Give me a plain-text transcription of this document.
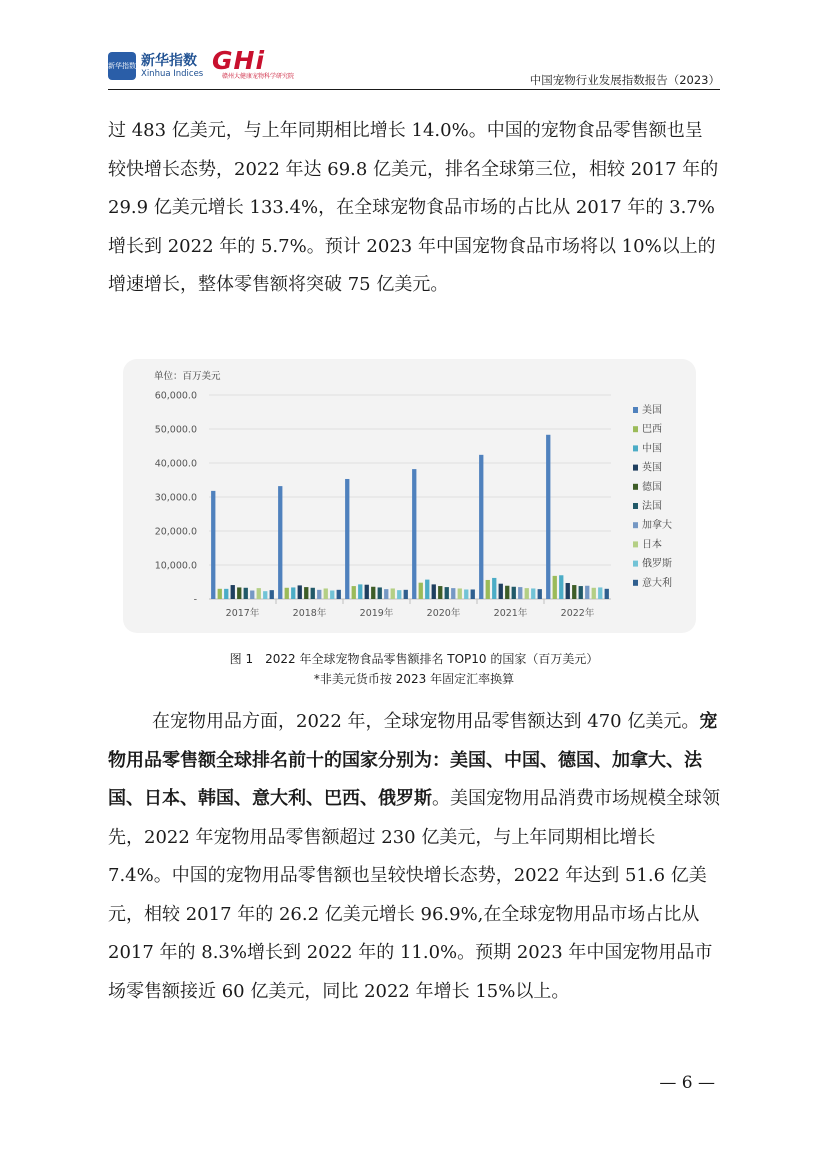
新华指数 新华指数
Xinhua Indices GHi
赣州大健康宠物科学研究院	中国宠物行业发展指数报告（2023）
过 483 亿美元，与上年同期相比增长 14.0%。中国的宠物食品零售额也呈较快增长态势，2022 年达 69.8 亿美元，排名全球第三位，相较 2017 年的 29.9 亿美元增长 133.4%，在全球宠物食品市场的占比从 2017 年的 3.7%增长到 2022 年的 5.7%。预计 2023 年中国宠物食品市场将以 10%以上的增速增长，整体零售额将突破 75 亿美元。
单位：百万美元
-
10,000.0
20,000.0
30,000.0
40,000.0
50,000.0
60,000.0
2017年	2018年	2019年	2020年	2021年	2022年
美国
巴西
中国
英国
德国
法国
加拿大
日本
俄罗斯
意大利
图 1　2022 年全球宠物食品零售额排名 TOP10 的国家（百万美元）
*非美元货币按 2023 年固定汇率换算
在宠物用品方面，2022 年，全球宠物用品零售额达到 470 亿美元。宠物用品零售额全球排名前十的国家分别为：美国、中国、德国、加拿大、法国、日本、韩国、意大利、巴西、俄罗斯。美国宠物用品消费市场规模全球领先，2022 年宠物用品零售额超过 230 亿美元，与上年同期相比增长 7.4%。中国的宠物用品零售额也呈较快增长态势，2022 年达到 51.6 亿美元，相较 2017 年的 26.2 亿美元增长 96.9%,在全球宠物用品市场占比从 2017 年的 8.3%增长到 2022 年的 11.0%。预期 2023 年中国宠物用品市场零售额接近 60 亿美元，同比 2022 年增长 15%以上。
— 6 —
